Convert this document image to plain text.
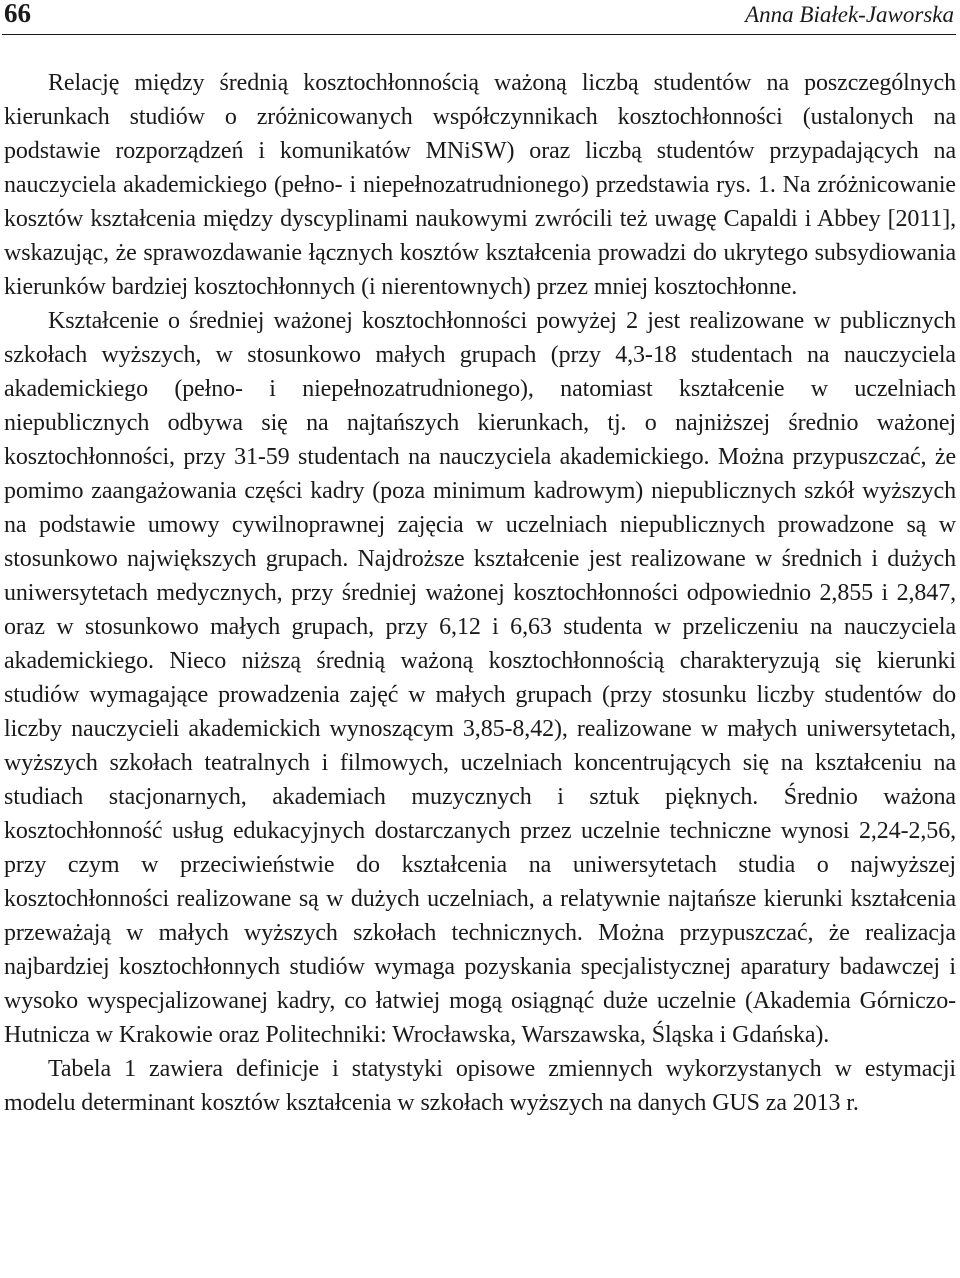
66	Anna Białek-Jaworska

Relację między średnią kosztochłonnością ważoną liczbą studentów na poszczególnych kierunkach studiów o zróżnicowanych współczynnikach kosztochłonności (ustalonych na podstawie rozporządzeń i komunikatów MNiSW) oraz liczbą studentów przypadających na nauczyciela akademickiego (pełno- i niepełnozatrudnionego) przedstawia rys. 1. Na zróżnicowanie kosztów kształcenia między dyscyplinami naukowymi zwrócili też uwagę Capaldi i Abbey [2011], wskazując, że sprawozdawanie łącznych kosztów kształcenia prowadzi do ukrytego subsydiowania kierunków bardziej kosztochłonnych (i nierentownych) przez mniej kosztochłonne.

Kształcenie o średniej ważonej kosztochłonności powyżej 2 jest realizowane w publicznych szkołach wyższych, w stosunkowo małych grupach (przy 4,3-18 studentach na nauczyciela akademickiego (pełno- i niepełnozatrudnionego), natomiast kształcenie w uczelniach niepublicznych odbywa się na najtańszych kierunkach, tj. o najniższej średnio ważonej kosztochłonności, przy 31-59 studentach na nauczyciela akademickiego. Można przypuszczać, że pomimo zaangażowania części kadry (poza minimum kadrowym) niepublicznych szkół wyższych na podstawie umowy cywilnoprawnej zajęcia w uczelniach niepublicznych prowadzone są w stosunkowo największych grupach. Najdroższe kształcenie jest realizowane w średnich i dużych uniwersytetach medycznych, przy średniej ważonej kosztochłonności odpowiednio 2,855 i 2,847, oraz w stosunkowo małych grupach, przy 6,12 i 6,63 studenta w przeliczeniu na nauczyciela akademickiego. Nieco niższą średnią ważoną kosztochłonnością charakteryzują się kierunki studiów wymagające prowadzenia zajęć w małych grupach (przy stosunku liczby studentów do liczby nauczycieli akademickich wynoszącym 3,85-8,42), realizowane w małych uniwersytetach, wyższych szkołach teatralnych i filmowych, uczelniach koncentrujących się na kształceniu na studiach stacjonarnych, akademiach muzycznych i sztuk pięknych. Średnio ważona kosztochłonność usług edukacyjnych dostarczanych przez uczelnie techniczne wynosi 2,24-2,56, przy czym w przeciwieństwie do kształcenia na uniwersytetach studia o najwyższej kosztochłonności realizowane są w dużych uczelniach, a relatywnie najtańsze kierunki kształcenia przeważają w małych wyższych szkołach technicznych. Można przypuszczać, że realizacja najbardziej kosztochłonnych studiów wymaga pozyskania specjalistycznej aparatury badawczej i wysoko wyspecjalizowanej kadry, co łatwiej mogą osiągnąć duże uczelnie (Akademia Górniczo-Hutnicza w Krakowie oraz Politechniki: Wrocławska, Warszawska, Śląska i Gdańska).

Tabela 1 zawiera definicje i statystyki opisowe zmiennych wykorzystanych w estymacji modelu determinant kosztów kształcenia w szkołach wyższych na danych GUS za 2013 r.
